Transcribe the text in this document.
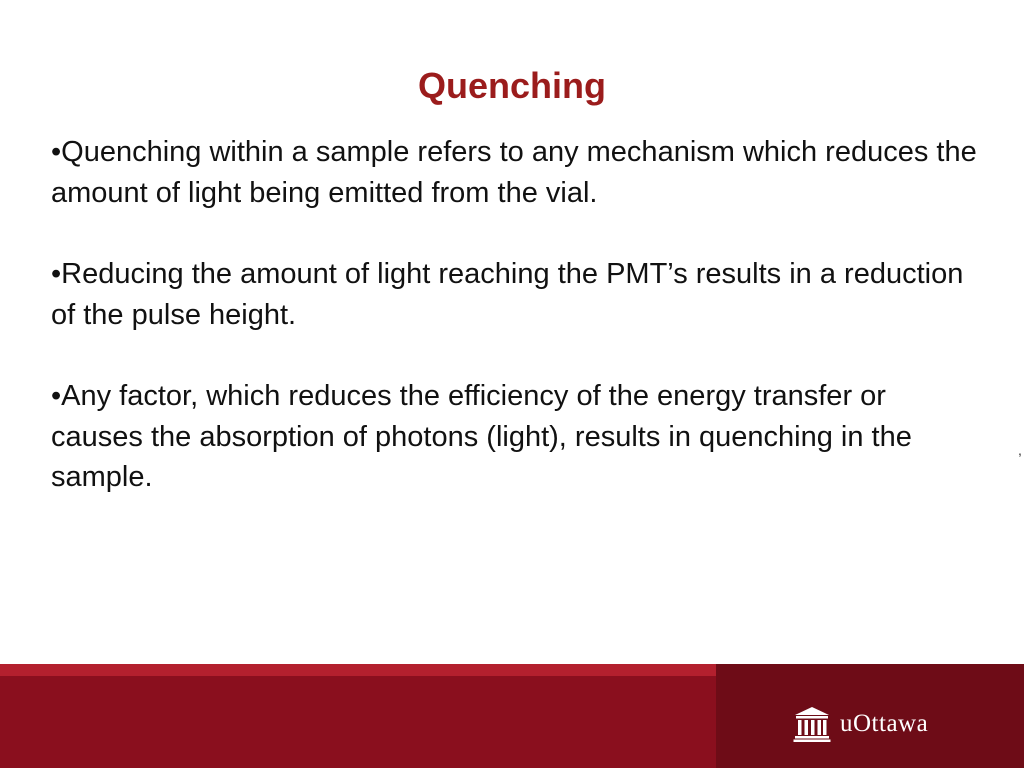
Quenching

•Quenching within a sample refers to any mechanism which reduces the amount of light being emitted from the vial.

•Reducing the amount of light reaching the PMT’s results in a reduction of the pulse height.

•Any factor, which reduces the efficiency of the energy transfer or causes the absorption of photons (light), results in quenching in the sample.

,
uOttawa
